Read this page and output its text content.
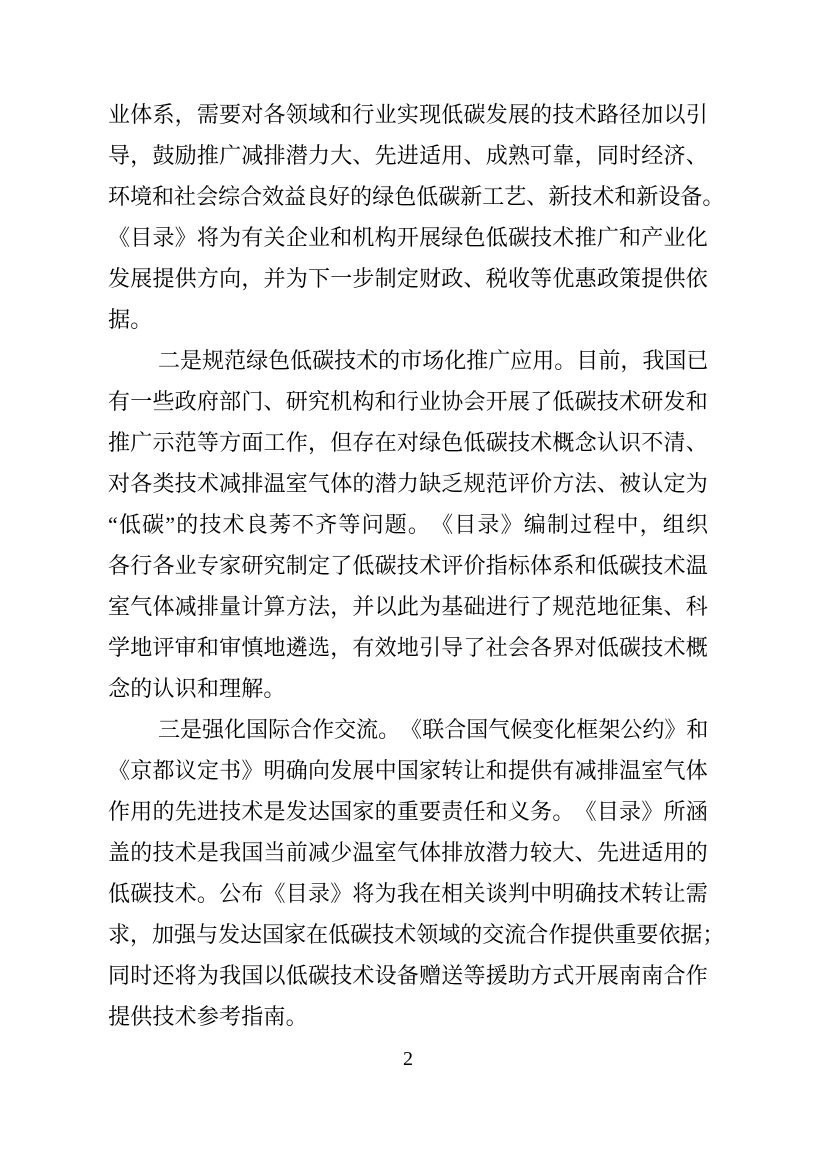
业 体 系 ， 需 要 对 各 领 域 和 行 业 实 现 低 碳 发 展 的 技 术 路 径 加 以 引
导 ， 鼓 励 推 广 减 排 潜 力 大 、 先 进 适 用 、 成 熟 可 靠 ， 同 时 经 济 、
环 境 和 社 会 综 合 效 益 良 好 的 绿 色 低 碳 新 工 艺 、 新 技 术 和 新 设 备 。
《 目 录 》 将 为 有 关 企 业 和 机 构 开 展 绿 色 低 碳 技 术 推 广 和 产 业 化
发 展 提 供 方 向 ， 并 为 下 一 步 制 定 财 政 、 税 收 等 优 惠 政 策 提 供 依
据 。
二 是 规 范 绿 色 低 碳 技 术 的 市 场 化 推 广 应 用 。 目 前 ， 我 国 已
有 一 些 政 府 部 门 、 研 究 机 构 和 行 业 协 会 开 展 了 低 碳 技 术 研 发 和
推 广 示 范 等 方 面 工 作 ， 但 存 在 对 绿 色 低 碳 技 术 概 念 认 识 不 清 、
对 各 类 技 术 减 排 温 室 气 体 的 潜 力 缺 乏 规 范 评 价 方 法 、 被 认 定 为
“ 低 碳 ” 的 技 术 良 莠 不 齐 等 问 题 。 《 目 录 》 编 制 过 程 中 ， 组 织
各 行 各 业 专 家 研 究 制 定 了 低 碳 技 术 评 价 指 标 体 系 和 低 碳 技 术 温
室 气 体 减 排 量 计 算 方 法 ， 并 以 此 为 基 础 进 行 了 规 范 地 征 集 、 科
学 地 评 审 和 审 慎 地 遴 选 ， 有 效 地 引 导 了 社 会 各 界 对 低 碳 技 术 概
念 的 认 识 和 理 解 。
三 是 强 化 国 际 合 作 交 流 。 《 联 合 国 气 候 变 化 框 架 公 约 》 和
《 京 都 议 定 书 》 明 确 向 发 展 中 国 家 转 让 和 提 供 有 减 排 温 室 气 体
作 用 的 先 进 技 术 是 发 达 国 家 的 重 要 责 任 和 义 务 。 《 目 录 》 所 涵
盖 的 技 术 是 我 国 当 前 减 少 温 室 气 体 排 放 潜 力 较 大 、 先 进 适 用 的
低 碳 技 术 。 公 布 《 目 录 》 将 为 我 在 相 关 谈 判 中 明 确 技 术 转 让 需
求 ， 加 强 与 发 达 国 家 在 低 碳 技 术 领 域 的 交 流 合 作 提 供 重 要 依 据 ；
同 时 还 将 为 我 国 以 低 碳 技 术 设 备 赠 送 等 援 助 方 式 开 展 南 南 合 作
提 供 技 术 参 考 指 南 。
2
